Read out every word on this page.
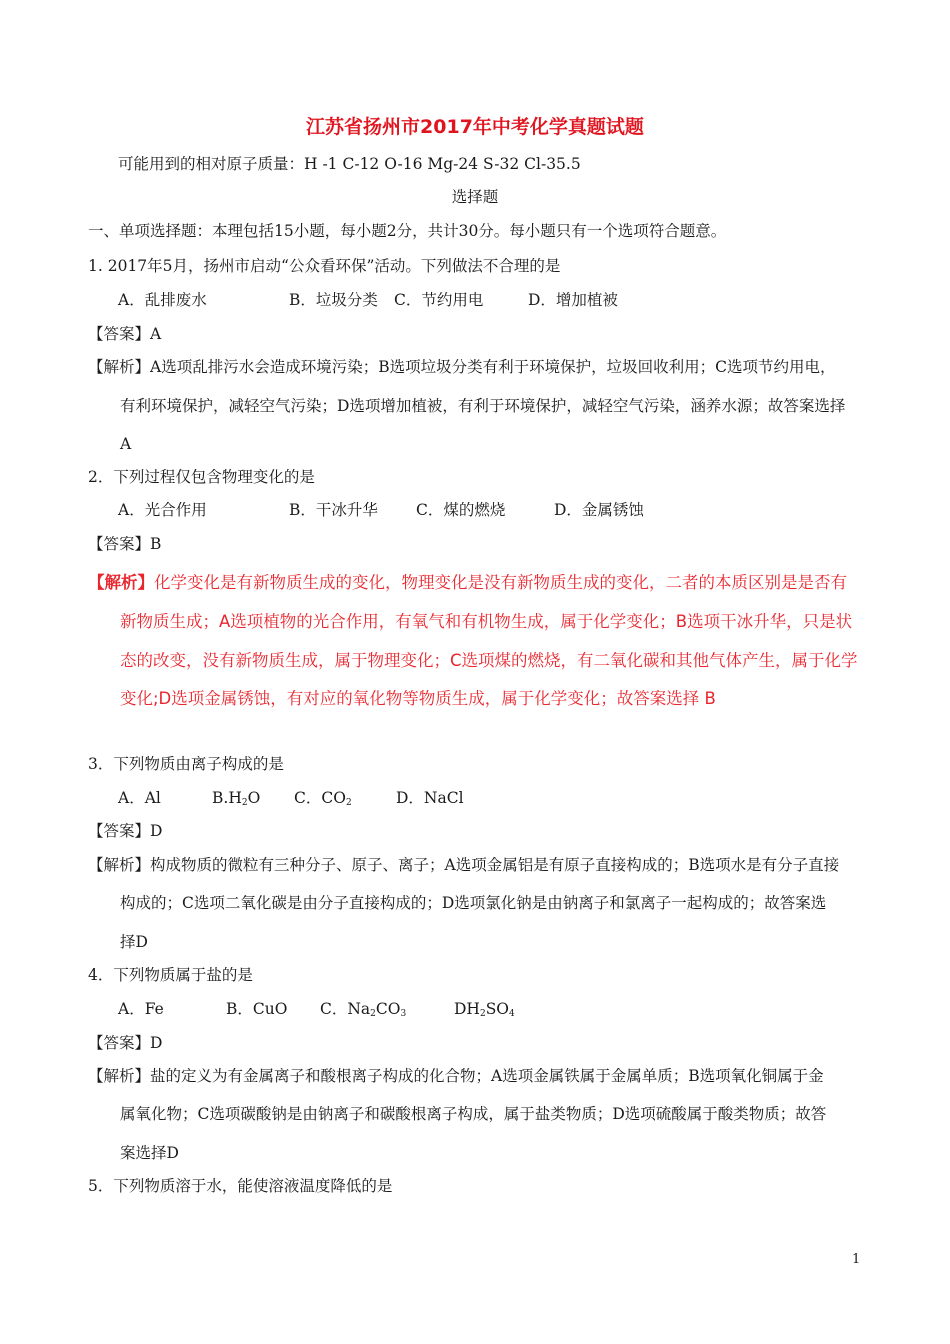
江苏省扬州市2017年中考化学真题试题
可能用到的相对原子质量：H -1 C-12 O-16 Mg-24 S-32 Cl-35.5
选择题
一、单项选择题：本理包括15小题，每小题2分，共计30分。每小题只有一个选项符合题意。
1. 2017年5月，扬州市启动“公众看环保”活动。下列做法不合理的是
A．乱排废水	B．垃圾分类 C．节约用电	D．增加植被
【答案】A
【解析】A选项乱排污水会造成环境污染；B选项垃圾分类有利于环境保护，垃圾回收利用；C选项节约用电，
有利环境保护，减轻空气污染；D选项增加植被，有利于环境保护，减轻空气污染，涵养水源；故答案选择
A
2．下列过程仅包含物理变化的是
A．光合作用	B．干冰升华 C．煤的燃烧	D．金属锈蚀
【答案】B
【解析】化学变化是有新物质生成的变化，物理变化是没有新物质生成的变化，二者的本质区别是是否有
新物质生成；A选项植物的光合作用，有氧气和有机物生成，属于化学变化；B选项干冰升华，只是状
态的改变，没有新物质生成，属于物理变化；C选项煤的燃烧，有二氧化碳和其他气体产生，属于化学
变化;D选项金属锈蚀，有对应的氧化物等物质生成，属于化学变化；故答案选择 B
3．下列物质由离子构成的是
A．Al	$B.H_2O$ C．$CO_2$	D．NaCl
【答案】D
【解析】构成物质的微粒有三种分子、原子、离子；A选项金属铝是有原子直接构成的；B选项水是有分子直接
构成的；C选项二氧化碳是由分子直接构成的；D选项氯化钠是由钠离子和氯离子一起构成的；故答案选
择D
4．下列物质属于盐的是
A．Fe	B．CuO C．$Na_2CO_3$	$DH_2SO_4$
【答案】D
【解析】盐的定义为有金属离子和酸根离子构成的化合物；A选项金属铁属于金属单质；B选项氧化铜属于金
属氧化物；C选项碳酸钠是由钠离子和碳酸根离子构成，属于盐类物质；D选项硫酸属于酸类物质；故答
案选择D
5．下列物质溶于水，能使溶液温度降低的是
1
